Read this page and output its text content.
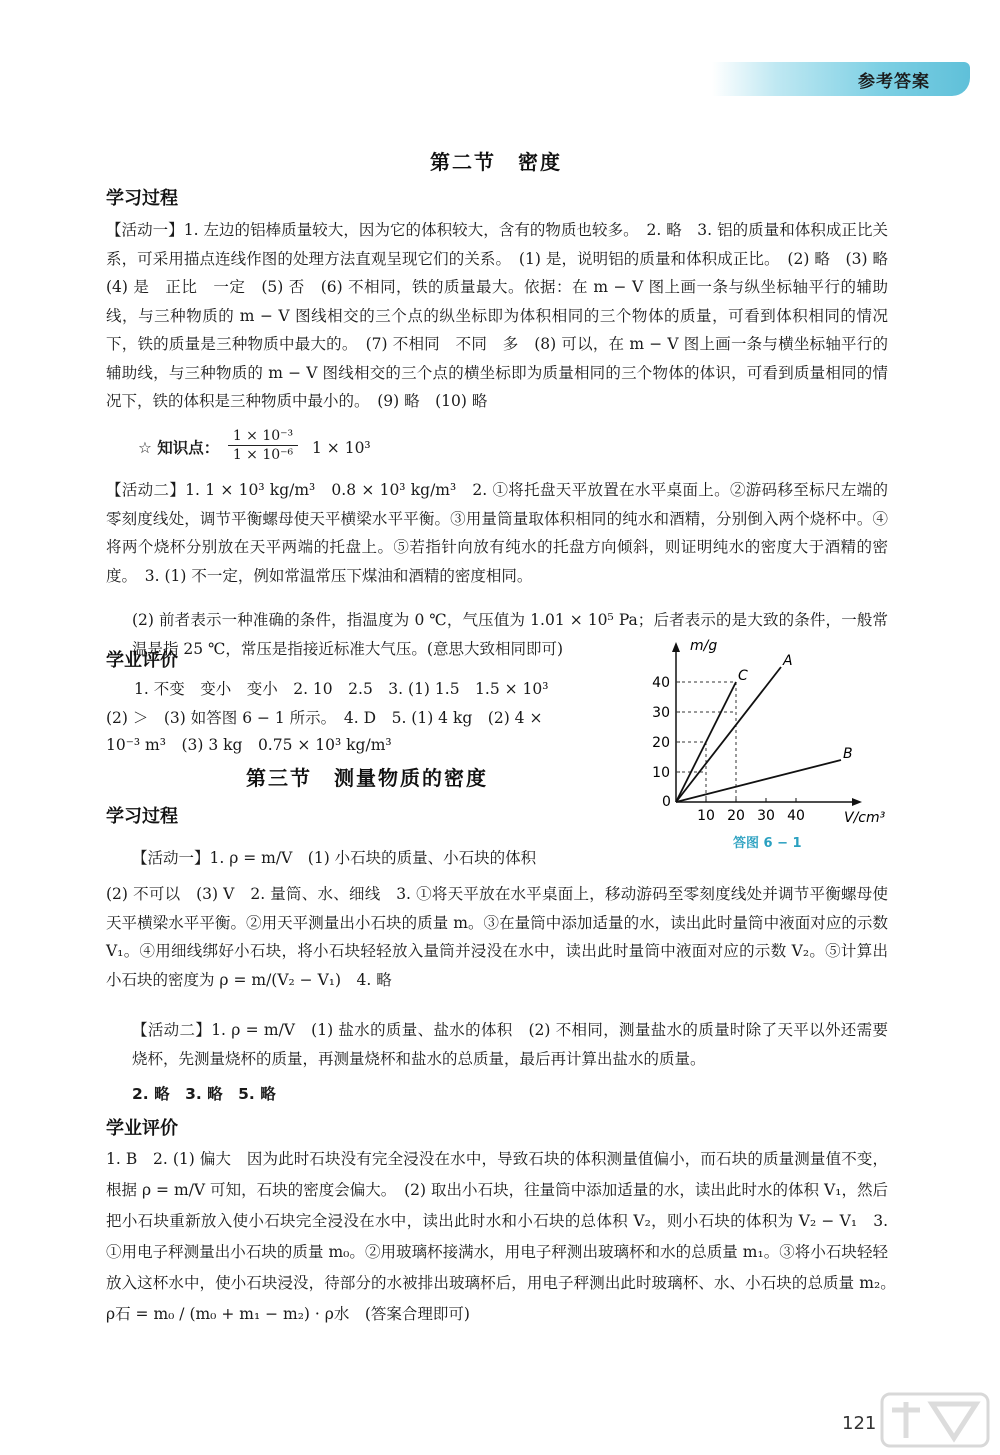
参考答案
第二节　密度
学习过程
【活动一】1. 左边的铝棒质量较大，因为它的体积较大，含有的物质也较多。　2. 略　3. 铝的质量和体积成正比关系，可采用描点连线作图的处理方法直观呈现它们的关系。　(1) 是，说明铝的质量和体积成正比。　(2) 略　(3) 略　(4) 是　正比　一定　(5) 否　(6) 不相同，铁的质量最大。依据：在 m − V 图上画一条与纵坐标轴平行的辅助线，与三种物质的 m − V 图线相交的三个点的纵坐标即为体积相同的三个物体的质量，可看到体积相同的情况下，铁的质量是三种物质中最大的。　(7) 不相同　不同　多　(8) 可以，在 m − V 图上画一条与横坐标轴平行的辅助线，与三种物质的 m − V 图线相交的三个点的横坐标即为质量相同的三个物体的体识，可看到质量相同的情况下，铁的体积是三种物质中最小的。　(9) 略　(10) 略
☆ 知识点：
1 × 10⁻³
1 × 10⁻⁶	1 × 10³
【活动二】1. 1 × 10³ kg/m³　0.8 × 10³ kg/m³　2. ①将托盘天平放置在水平桌面上。②游码移至标尺左端的零刻度线处，调节平衡螺母使天平横梁水平平衡。③用量筒量取体积相同的纯水和酒精，分别倒入两个烧杯中。④将两个烧杯分别放在天平两端的托盘上。⑤若指针向放有纯水的托盘方向倾斜，则证明纯水的密度大于酒精的密度。　3. (1) 不一定，例如常温常压下煤油和酒精的密度相同。
(2) 前者表示一种准确的条件，指温度为 0 ℃，气压值为 1.01 × 10⁵ Pa；后者表示的是大致的条件，一般常温是指 25 ℃，常压是指接近标准大气压。(意思大致相同即可)
学业评价
1. 不变　变小　变小　2. 10　2.5　3. (1) 1.5　1.5 × 10³
(2) ＞　(3) 如答图 6 − 1 所示。　4. D　5. (1) 4 kg　(2) 4 ×
10⁻³ m³　(3) 3 kg　0.75 × 10³ kg/m³
m/g
V/cm³
0
10 20 30 40
10
20
30
40	C
A
B
答图 6 − 1
第三节　测量物质的密度
学习过程
【活动一】1. ρ = m/V　(1) 小石块的质量、小石块的体积
(2) 不可以　(3) V　2. 量筒、水、细线　3. ①将天平放在水平桌面上，移动游码至零刻度线处并调节平衡螺母使天平横梁水平平衡。②用天平测量出小石块的质量 m。③在量筒中添加适量的水，读出此时量筒中液面对应的示数 V₁。④用细线绑好小石块，将小石块轻轻放入量筒并浸没在水中，读出此时量筒中液面对应的示数 V₂。⑤计算出小石块的密度为 ρ = m/(V₂ − V₁)　4. 略
【活动二】1. ρ = m/V　(1) 盐水的质量、盐水的体积　(2) 不相同，测量盐水的质量时除了天平以外还需要烧杯，先测量烧杯的质量，再测量烧杯和盐水的总质量，最后再计算出盐水的质量。
2. 略　3. 略　5. 略
学业评价
1. B　2. (1) 偏大　因为此时石块没有完全浸没在水中，导致石块的体积测量值偏小，而石块的质量测量值不变，根据 ρ = m/V 可知，石块的密度会偏大。　(2) 取出小石块，往量筒中添加适量的水，读出此时水的体积 V₁，然后把小石块重新放入使小石块完全浸没在水中，读出此时水和小石块的总体积 V₂，则小石块的体积为 V₂ − V₁　3. ①用电子秤测量出小石块的质量 m₀。②用玻璃杯接满水，用电子秤测出玻璃杯和水的总质量 m₁。③将小石块轻轻放入这杯水中，使小石块浸没，待部分的水被排出玻璃杯后，用电子秤测出此时玻璃杯、水、小石块的总质量 m₂。　ρ石 = m₀ / (m₀ + m₁ − m₂) · ρ水　(答案合理即可)
121
